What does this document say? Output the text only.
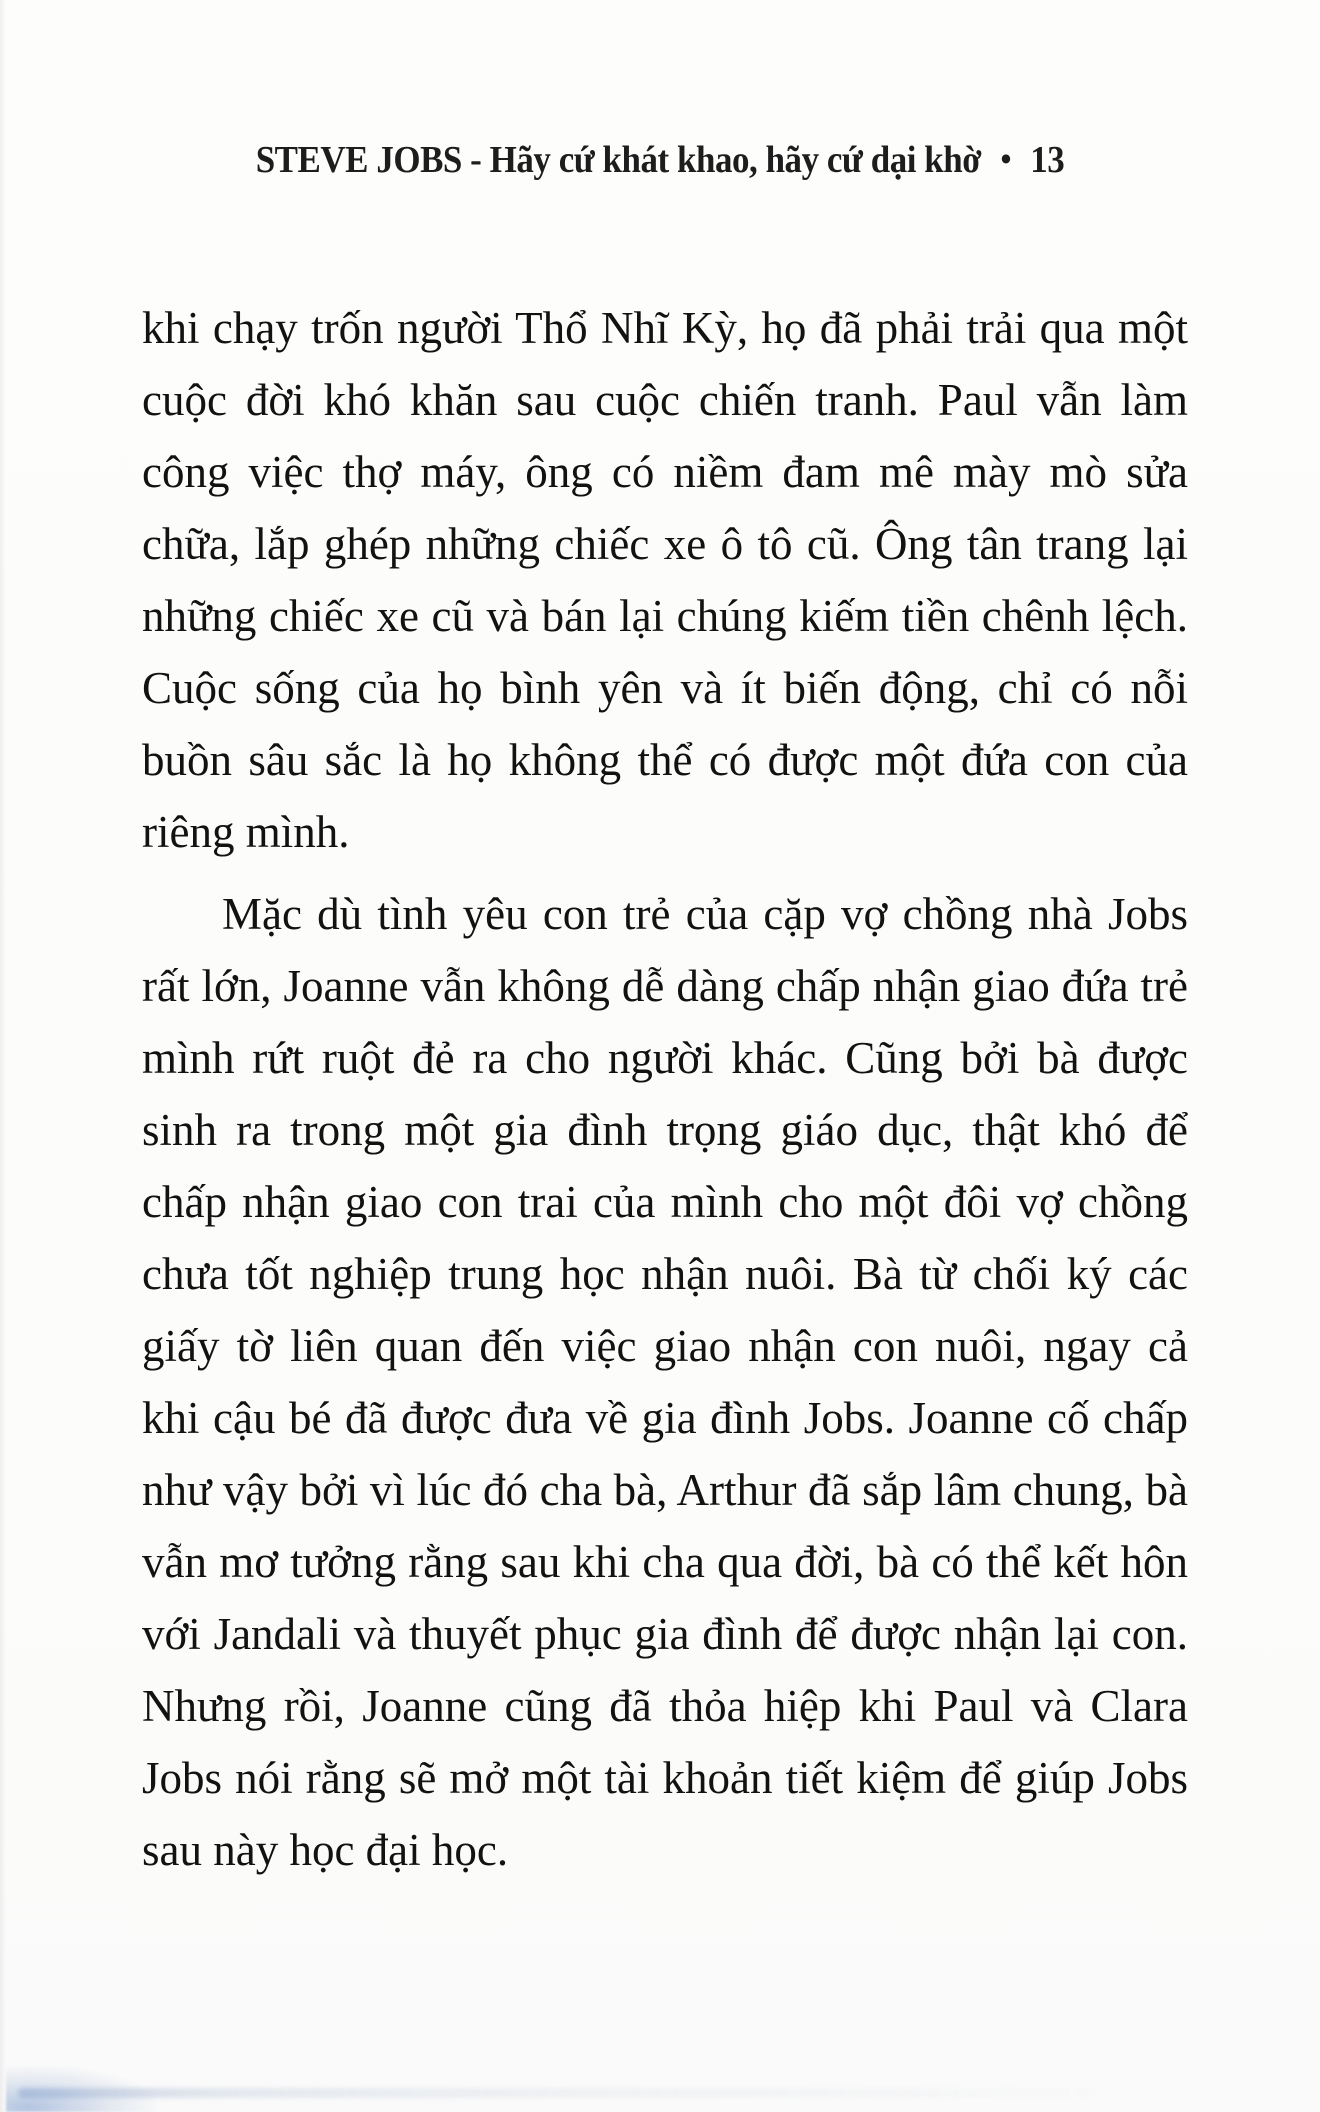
STEVE JOBS - Hãy cứ khát khao, hãy cứ dại khờ • 13

khi chạy trốn người Thổ Nhĩ Kỳ, họ đã phải trải qua một cuộc đời khó khăn sau cuộc chiến tranh. Paul vẫn làm công việc thợ máy, ông có niềm đam mê mày mò sửa chữa, lắp ghép những chiếc xe ô tô cũ. Ông tân trang lại những chiếc xe cũ và bán lại chúng kiếm tiền chênh lệch. Cuộc sống của họ bình yên và ít biến động, chỉ có nỗi buồn sâu sắc là họ không thể có được một đứa con của riêng mình.

Mặc dù tình yêu con trẻ của cặp vợ chồng nhà Jobs rất lớn, Joanne vẫn không dễ dàng chấp nhận giao đứa trẻ mình rứt ruột đẻ ra cho người khác. Cũng bởi bà được sinh ra trong một gia đình trọng giáo dục, thật khó để chấp nhận giao con trai của mình cho một đôi vợ chồng chưa tốt nghiệp trung học nhận nuôi. Bà từ chối ký các giấy tờ liên quan đến việc giao nhận con nuôi, ngay cả khi cậu bé đã được đưa về gia đình Jobs. Joanne cố chấp như vậy bởi vì lúc đó cha bà, Arthur đã sắp lâm chung, bà vẫn mơ tưởng rằng sau khi cha qua đời, bà có thể kết hôn với Jandali và thuyết phục gia đình để được nhận lại con. Nhưng rồi, Joanne cũng đã thỏa hiệp khi Paul và Clara Jobs nói rằng sẽ mở một tài khoản tiết kiệm để giúp Jobs sau này học đại học.
